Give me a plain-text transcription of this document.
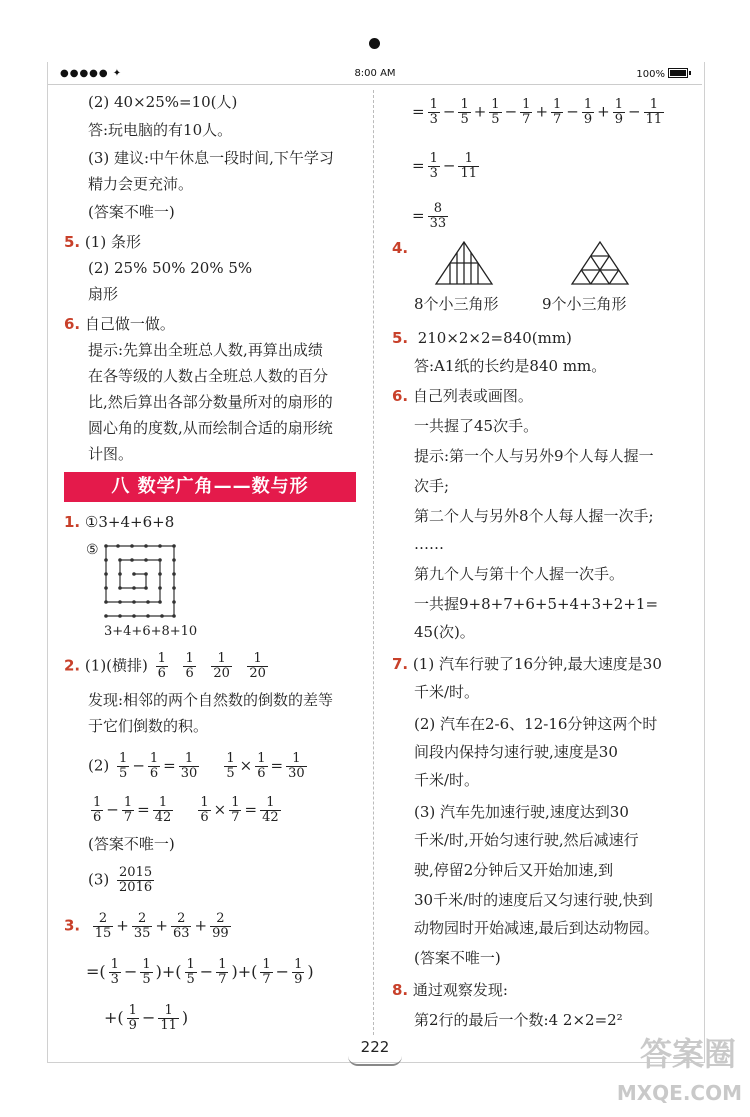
●●●●● ✦	8:00 AM	100%
(2) 40×25%=10(人)
答:玩电脑的有10人。
(3) 建议:中午休息一段时间,下午学习
精力会更充沛。
(答案不唯一)
5. (1) 条形
(2) 25% 50% 20% 5%
扇形
6. 自己做一做。
提示:先算出全班总人数,再算出成绩
在各等级的人数占全班总人数的百分
比,然后算出各部分数量所对的扇形的
圆心角的度数,从而绘制合适的扇形统
计图。
八 数学广角——数与形
1. ①3+4+6+8
⑤
3+4+6+8+10
2. (1)(横排) $\frac{1}{6}$
$\frac{1}{6}$
$\frac{1}{20}$
$\frac{1}{20}$
发现:相邻的两个自然数的倒数的差等
于它们倒数的积。
$(2) \frac{1}{5} - \frac{1}{6} = \frac{1}{30}$
$\frac{1}{5} \times \frac{1}{6} = \frac{1}{30}$
$\frac{1}{6} - \frac{1}{7} = \frac{1}{42}$
$\frac{1}{6} \times \frac{1}{7} = \frac{1}{42}$
(答案不唯一)
$(3) \frac{2015}{2016}$
3. $\frac{2}{15} + \frac{2}{35} + \frac{2}{63} + \frac{2}{99}$
=( $\frac{1}{3} - \frac{1}{5}$ )+( $\frac{1}{5} - \frac{1}{7}$ )+( $\frac{1}{7} - \frac{1}{9}$ )
+( $\frac{1}{9} - \frac{1}{11}$ )
= $\frac{1}{3} - \frac{1}{5} + \frac{1}{5} - \frac{1}{7} + \frac{1}{7} - \frac{1}{9} + \frac{1}{9} - \frac{1}{11}$
= $\frac{1}{3} - \frac{1}{11}$
= $\frac{8}{33}$
4.
8个小三角形	9个小三角形
5. 210×2×2=840(mm)
答:A1纸的长约是840 mm。
6. 自己列表或画图。
一共握了45次手。
提示:第一个人与另外9个人每人握一
次手;
第二个人与另外8个人每人握一次手;
……
第九个人与第十个人握一次手。
一共握9+8+7+6+5+4+3+2+1=
45(次)。
7. (1) 汽车行驶了16分钟,最大速度是30
千米/时。
(2) 汽车在2-6、12-16分钟这两个时
间段内保持匀速行驶,速度是30
千米/时。
(3) 汽车先加速行驶,速度达到30
千米/时,开始匀速行驶,然后减速行
驶,停留2分钟后又开始加速,到
30千米/时的速度后又匀速行驶,快到
动物园时开始减速,最后到达动物园。
(答案不唯一)
8. 通过观察发现:
第2行的最后一个数:4 2×2=2²
222	答案圈
MXQE.COM
